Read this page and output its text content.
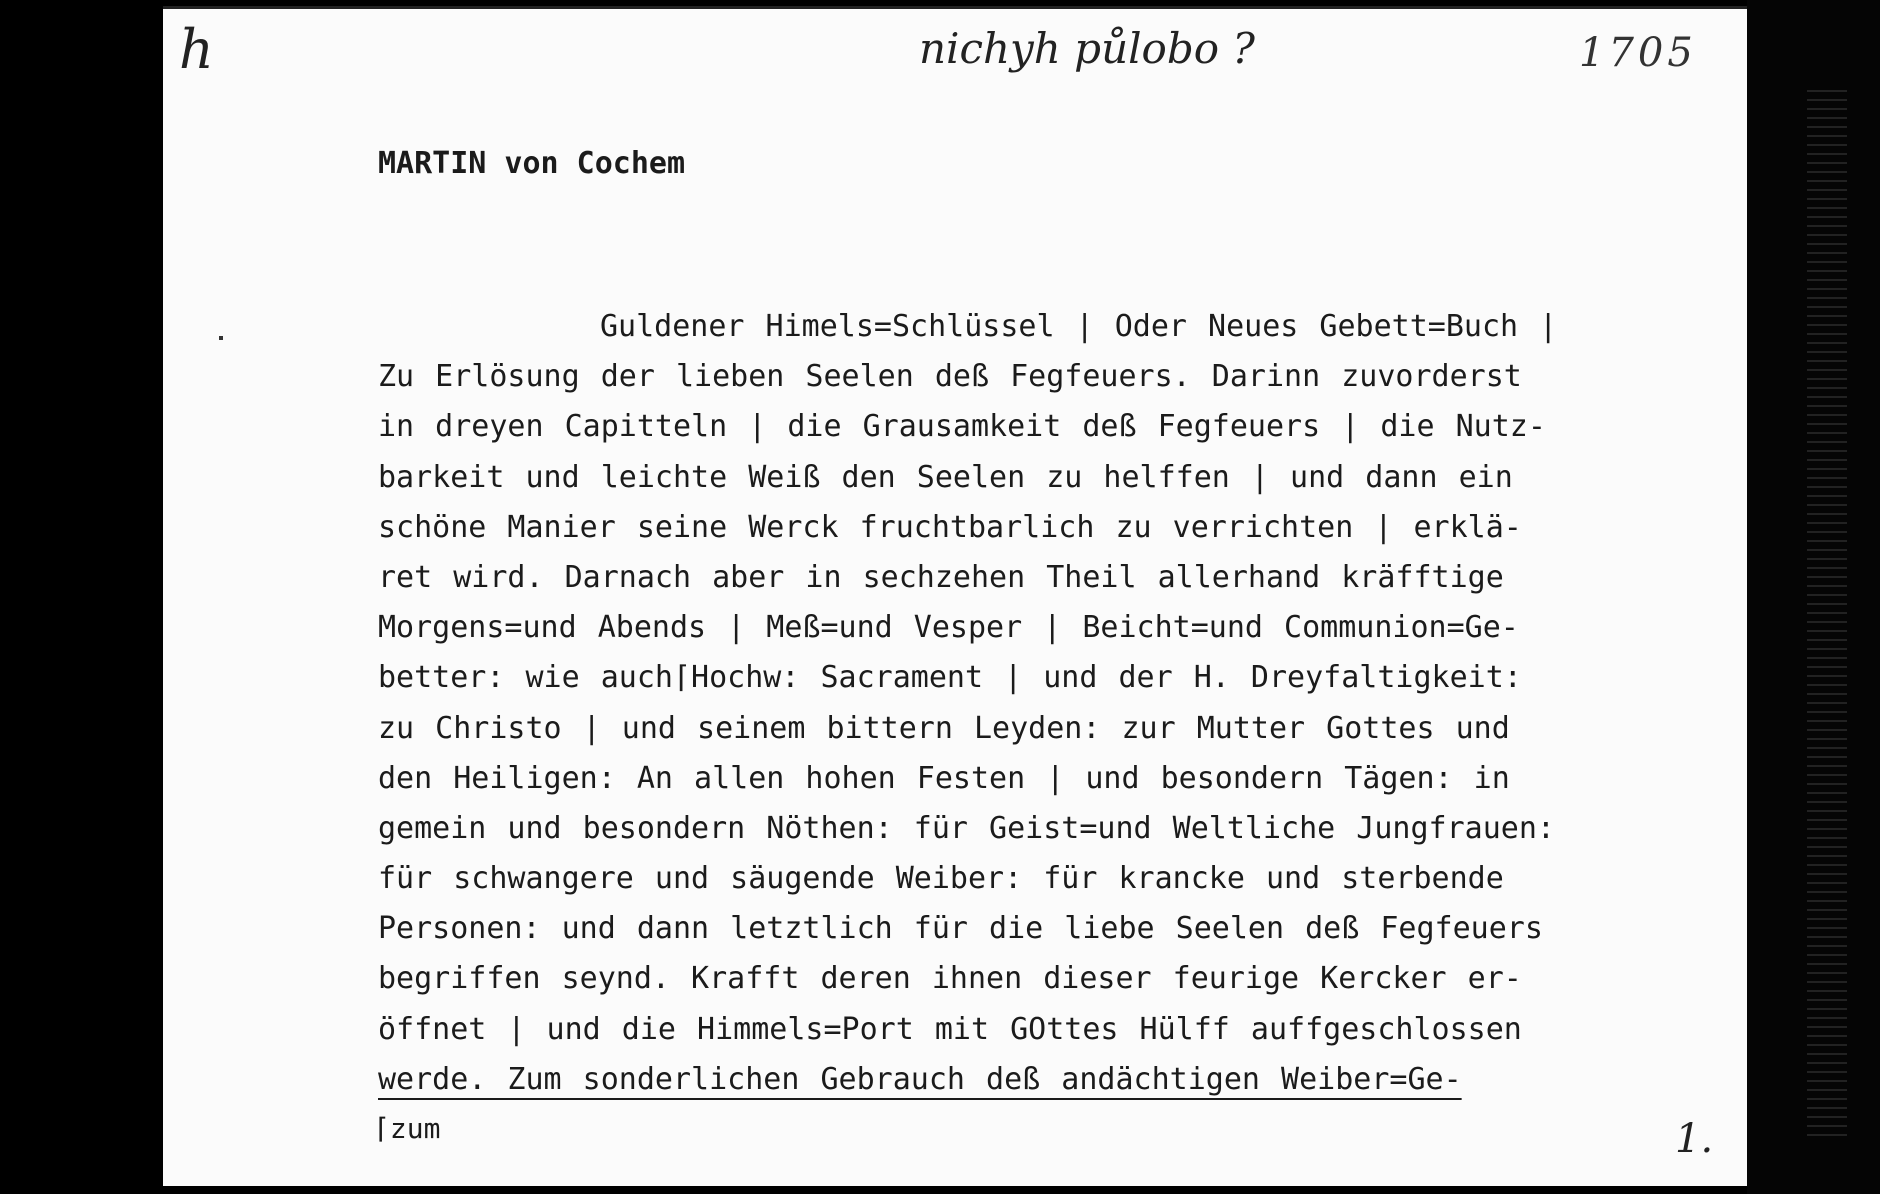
h	nichyh půlobo ?	1705
MARTIN von Cochem
Guldener Himels=Schlüssel | Oder Neues Gebett=Buch |
Zu Erlösung der lieben Seelen deß Fegfeuers. Darinn zuvorderst
in dreyen Capitteln | die Grausamkeit deß Fegfeuers | die Nutz-
barkeit und leichte Weiß den Seelen zu helffen | und dann ein
schöne Manier seine Werck fruchtbarlich zu verrichten | erklä-
ret wird. Darnach aber in sechzehen Theil allerhand kräfftige
Morgens=und Abends | Meß=und Vesper | Beicht=und Communion=Ge-
better: wie auch⌈Hochw: Sacrament | und der H. Dreyfaltigkeit:
zu Christo | und seinem bittern Leyden: zur Mutter Gottes und
den Heiligen: An allen hohen Festen | und besondern Tägen: in
gemein und besondern Nöthen: für Geist=und Weltliche Jungfrauen:
für schwangere und säugende Weiber: für krancke und sterbende
Personen: und dann letztlich für die liebe Seelen deß Fegfeuers
begriffen seynd. Krafft deren ihnen dieser feurige Kercker er-
öffnet | und die Himmels=Port mit GOttes Hülff auffgeschlossen
werde. Zum sonderlichen Gebrauch deß andächtigen Weiber=Ge-
⌈zum	1.
